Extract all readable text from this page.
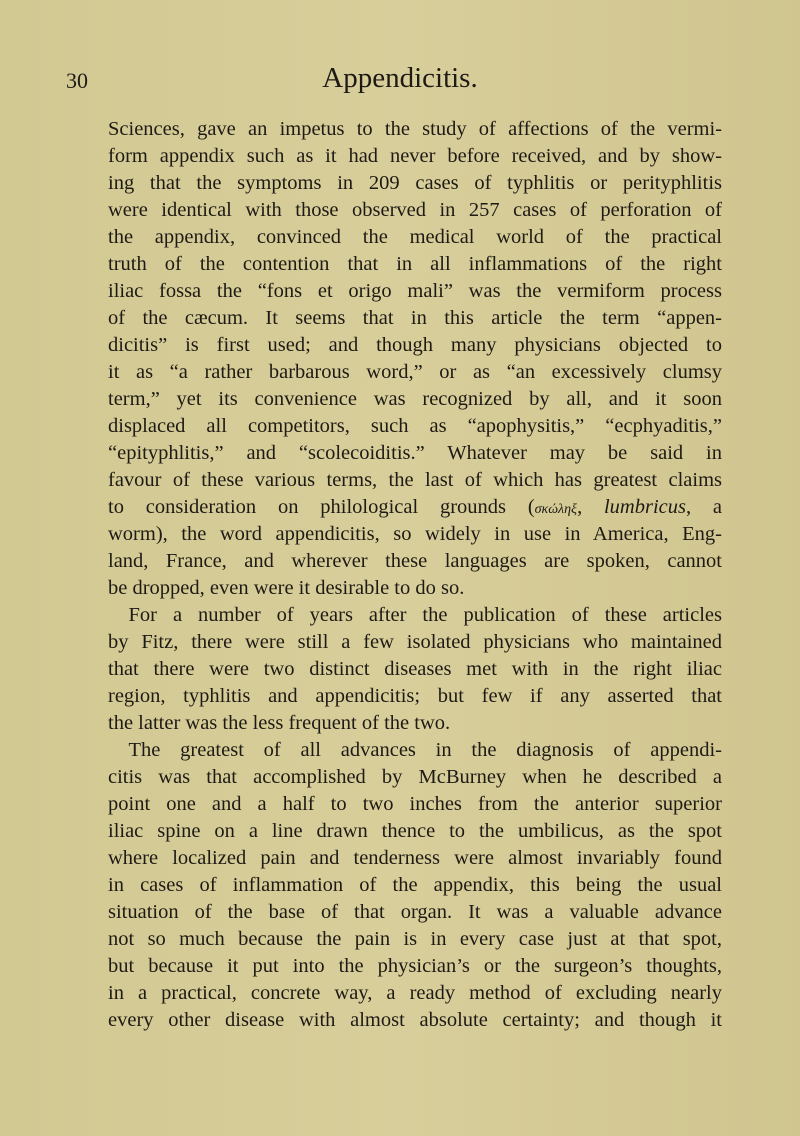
30	Appendicitis.
Sciences, gave an impetus to the study of affections of the vermi-
form appendix such as it had never before received, and by show-
ing that the symptoms in 209 cases of typhlitis or perityphlitis
were identical with those observed in 257 cases of perforation of
the appendix, convinced the medical world of the practical
truth of the contention that in all inflammations of the right
iliac fossa the “fons et origo mali” was the vermiform process
of the cæcum. It seems that in this article the term “appen-
dicitis” is first used; and though many physicians objected to
it as “a rather barbarous word,” or as “an excessively clumsy
term,” yet its convenience was recognized by all, and it soon
displaced all competitors, such as “apophysitis,” “ecphyaditis,”
“epityphlitis,” and “scolecoiditis.” Whatever may be said in
favour of these various terms, the last of which has greatest claims
to consideration on philological grounds (σκώληξ, lumbricus, a
worm), the word appendicitis, so widely in use in America, Eng-
land, France, and wherever these languages are spoken, cannot
be dropped, even were it desirable to do so.
 For a number of years after the publication of these articles
by Fitz, there were still a few isolated physicians who maintained
that there were two distinct diseases met with in the right iliac
region, typhlitis and appendicitis; but few if any asserted that
the latter was the less frequent of the two.
 The greatest of all advances in the diagnosis of appendi-
citis was that accomplished by McBurney when he described a
point one and a half to two inches from the anterior superior
iliac spine on a line drawn thence to the umbilicus, as the spot
where localized pain and tenderness were almost invariably found
in cases of inflammation of the appendix, this being the usual
situation of the base of that organ. It was a valuable advance
not so much because the pain is in every case just at that spot,
but because it put into the physician’s or the surgeon’s thoughts,
in a practical, concrete way, a ready method of excluding nearly
every other disease with almost absolute certainty; and though it
